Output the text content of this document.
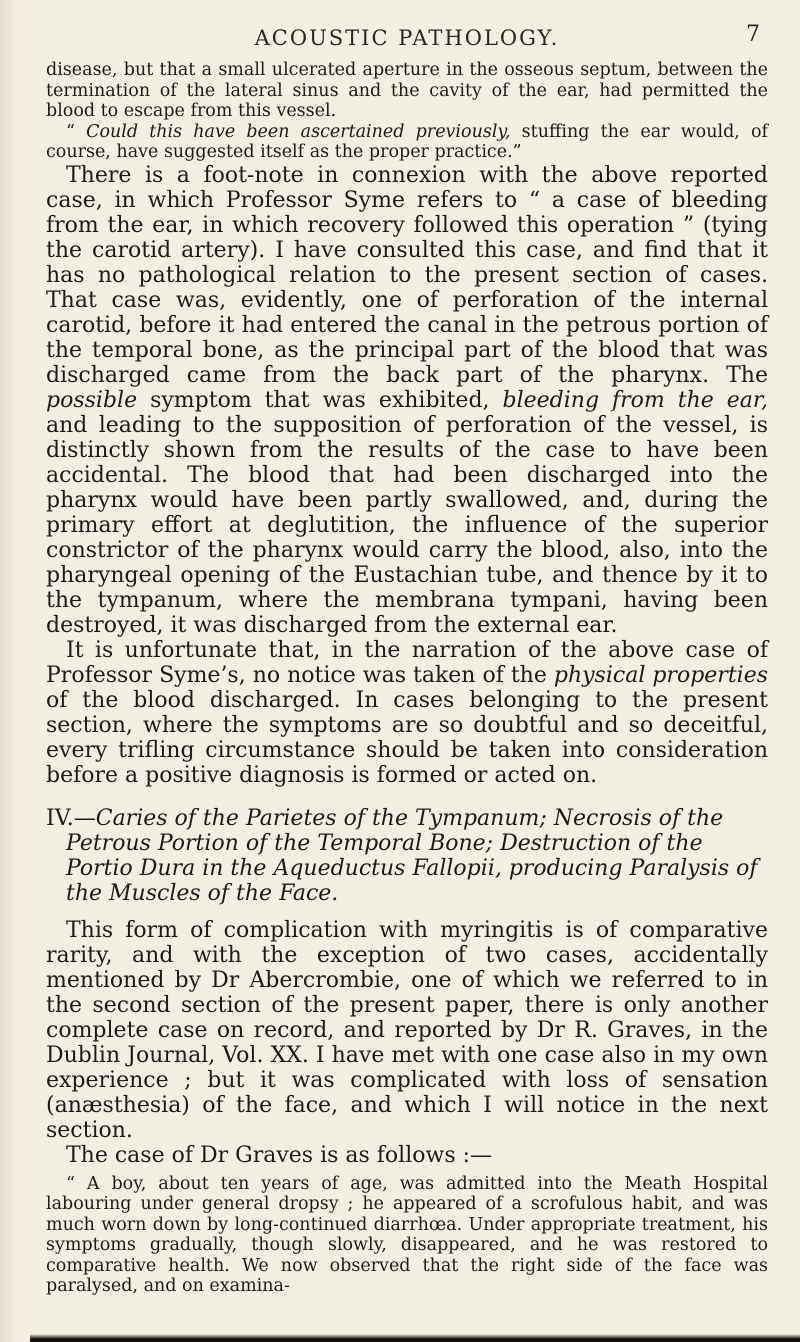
ACOUSTIC PATHOLOGY.	7

disease, but that a small ulcerated aperture in the osseous septum, between the termination of the lateral sinus and the cavity of the ear, had permitted the blood to escape from this vessel.

“ Could this have been ascertained previously, stuffing the ear would, of course, have suggested itself as the proper practice.”

There is a foot-note in connexion with the above reported case, in which Professor Syme refers to “ a case of bleeding from the ear, in which recovery followed this operation ” (tying the carotid artery). I have consulted this case, and find that it has no pathological relation to the present section of cases. That case was, evidently, one of perforation of the internal carotid, before it had entered the canal in the petrous portion of the temporal bone, as the principal part of the blood that was discharged came from the back part of the pharynx. The possible symptom that was exhibited, bleeding from the ear, and leading to the supposition of perforation of the vessel, is distinctly shown from the results of the case to have been accidental. The blood that had been discharged into the pharynx would have been partly swallowed, and, during the primary effort at deglutition, the influence of the superior constrictor of the pharynx would carry the blood, also, into the pharyngeal opening of the Eustachian tube, and thence by it to the tympanum, where the membrana tympani, having been destroyed, it was discharged from the external ear.

It is unfortunate that, in the narration of the above case of Professor Syme’s, no notice was taken of the physical properties of the blood discharged. In cases belonging to the present section, where the symptoms are so doubtful and so deceitful, every trifling circumstance should be taken into consideration before a positive diagnosis is formed or acted on.

IV.—Caries of the Parietes of the Tympanum; Necrosis of the Petrous Portion of the Temporal Bone; Destruction of the Portio Dura in the Aqueductus Fallopii, producing Paralysis of the Muscles of the Face.

This form of complication with myringitis is of comparative rarity, and with the exception of two cases, accidentally mentioned by Dr Abercrombie, one of which we referred to in the second section of the present paper, there is only another complete case on record, and reported by Dr R. Graves, in the Dublin Journal, Vol. XX. I have met with one case also in my own experience ; but it was complicated with loss of sensation (anæsthesia) of the face, and which I will notice in the next section.

The case of Dr Graves is as follows :—

“ A boy, about ten years of age, was admitted into the Meath Hospital labouring under general dropsy ; he appeared of a scrofulous habit, and was much worn down by long-continued diarrhœa. Under appropriate treatment, his symptoms gradually, though slowly, disappeared, and he was restored to comparative health. We now observed that the right side of the face was paralysed, and on examina-
